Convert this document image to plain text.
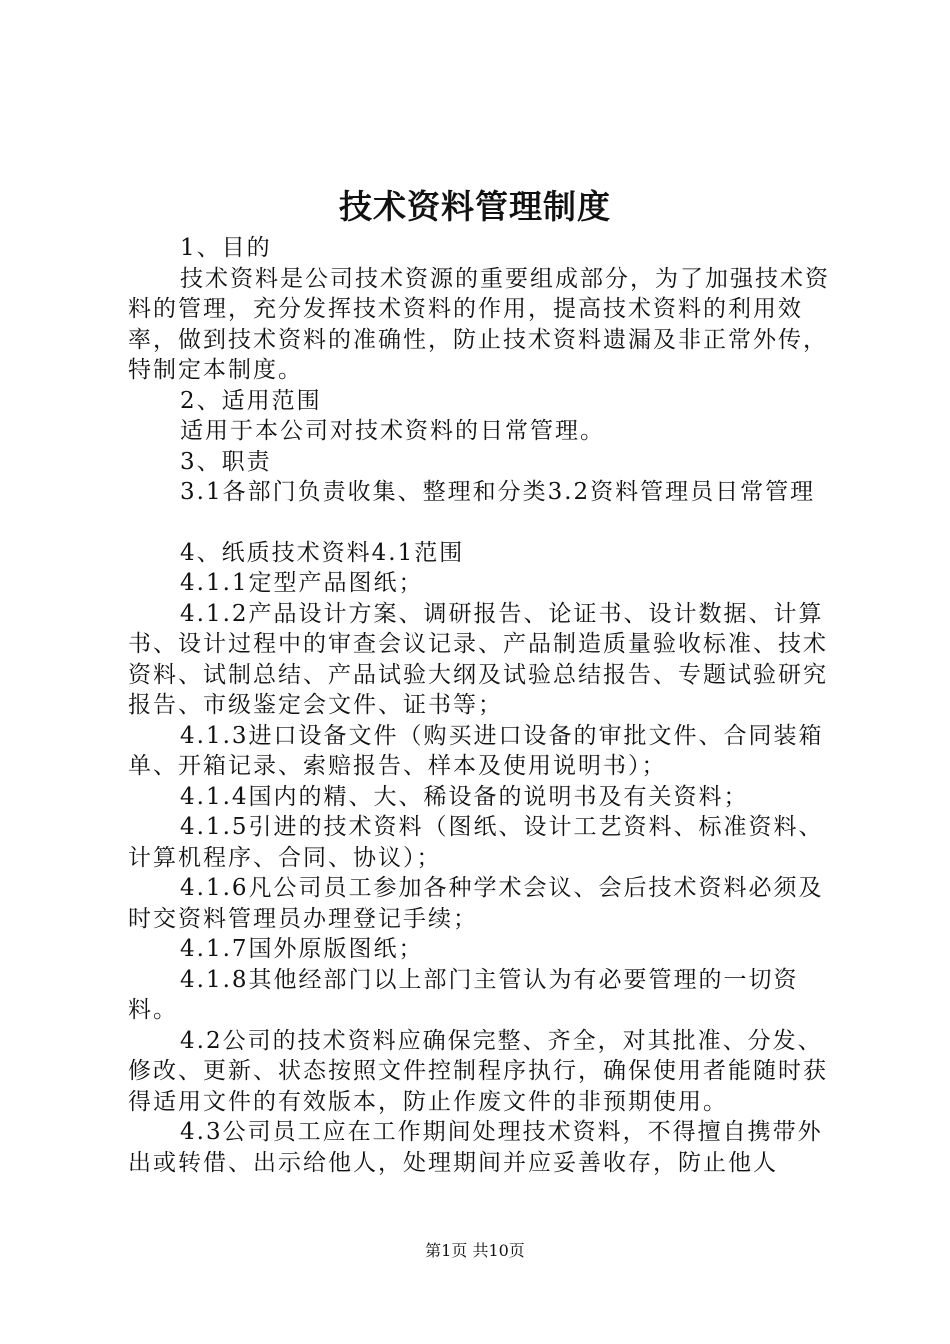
技术资料管理制度

1、目的

技术资料是公司技术资源的重要组成部分，为了加强技术资料的管理，充分发挥技术资料的作用，提高技术资料的利用效率，做到技术资料的准确性，防止技术资料遗漏及非正常外传，特制定本制度。

2、适用范围

适用于本公司对技术资料的日常管理。

3、职责

3.1各部门负责收集、整理和分类3.2资料管理员日常管理

4、纸质技术资料4.1范围

4.1.1定型产品图纸；

4.1.2产品设计方案、调研报告、论证书、设计数据、计算书、设计过程中的审查会议记录、产品制造质量验收标准、技术资料、试制总结、产品试验大纲及试验总结报告、专题试验研究报告、市级鉴定会文件、证书等；

4.1.3进口设备文件（购买进口设备的审批文件、合同装箱单、开箱记录、索赔报告、样本及使用说明书）；

4.1.4国内的精、大、稀设备的说明书及有关资料；

4.1.5引进的技术资料（图纸、设计工艺资料、标准资料、计算机程序、合同、协议）；

4.1.6凡公司员工参加各种学术会议、会后技术资料必须及时交资料管理员办理登记手续；

4.1.7国外原版图纸；

4.1.8其他经部门以上部门主管认为有必要管理的一切资料。

4.2公司的技术资料应确保完整、齐全，对其批准、分发、修改、更新、状态按照文件控制程序执行，确保使用者能随时获得适用文件的有效版本，防止作废文件的非预期使用。

4.3公司员工应在工作期间处理技术资料，不得擅自携带外出或转借、出示给他人，处理期间并应妥善收存，防止他人

第1页 共10页
